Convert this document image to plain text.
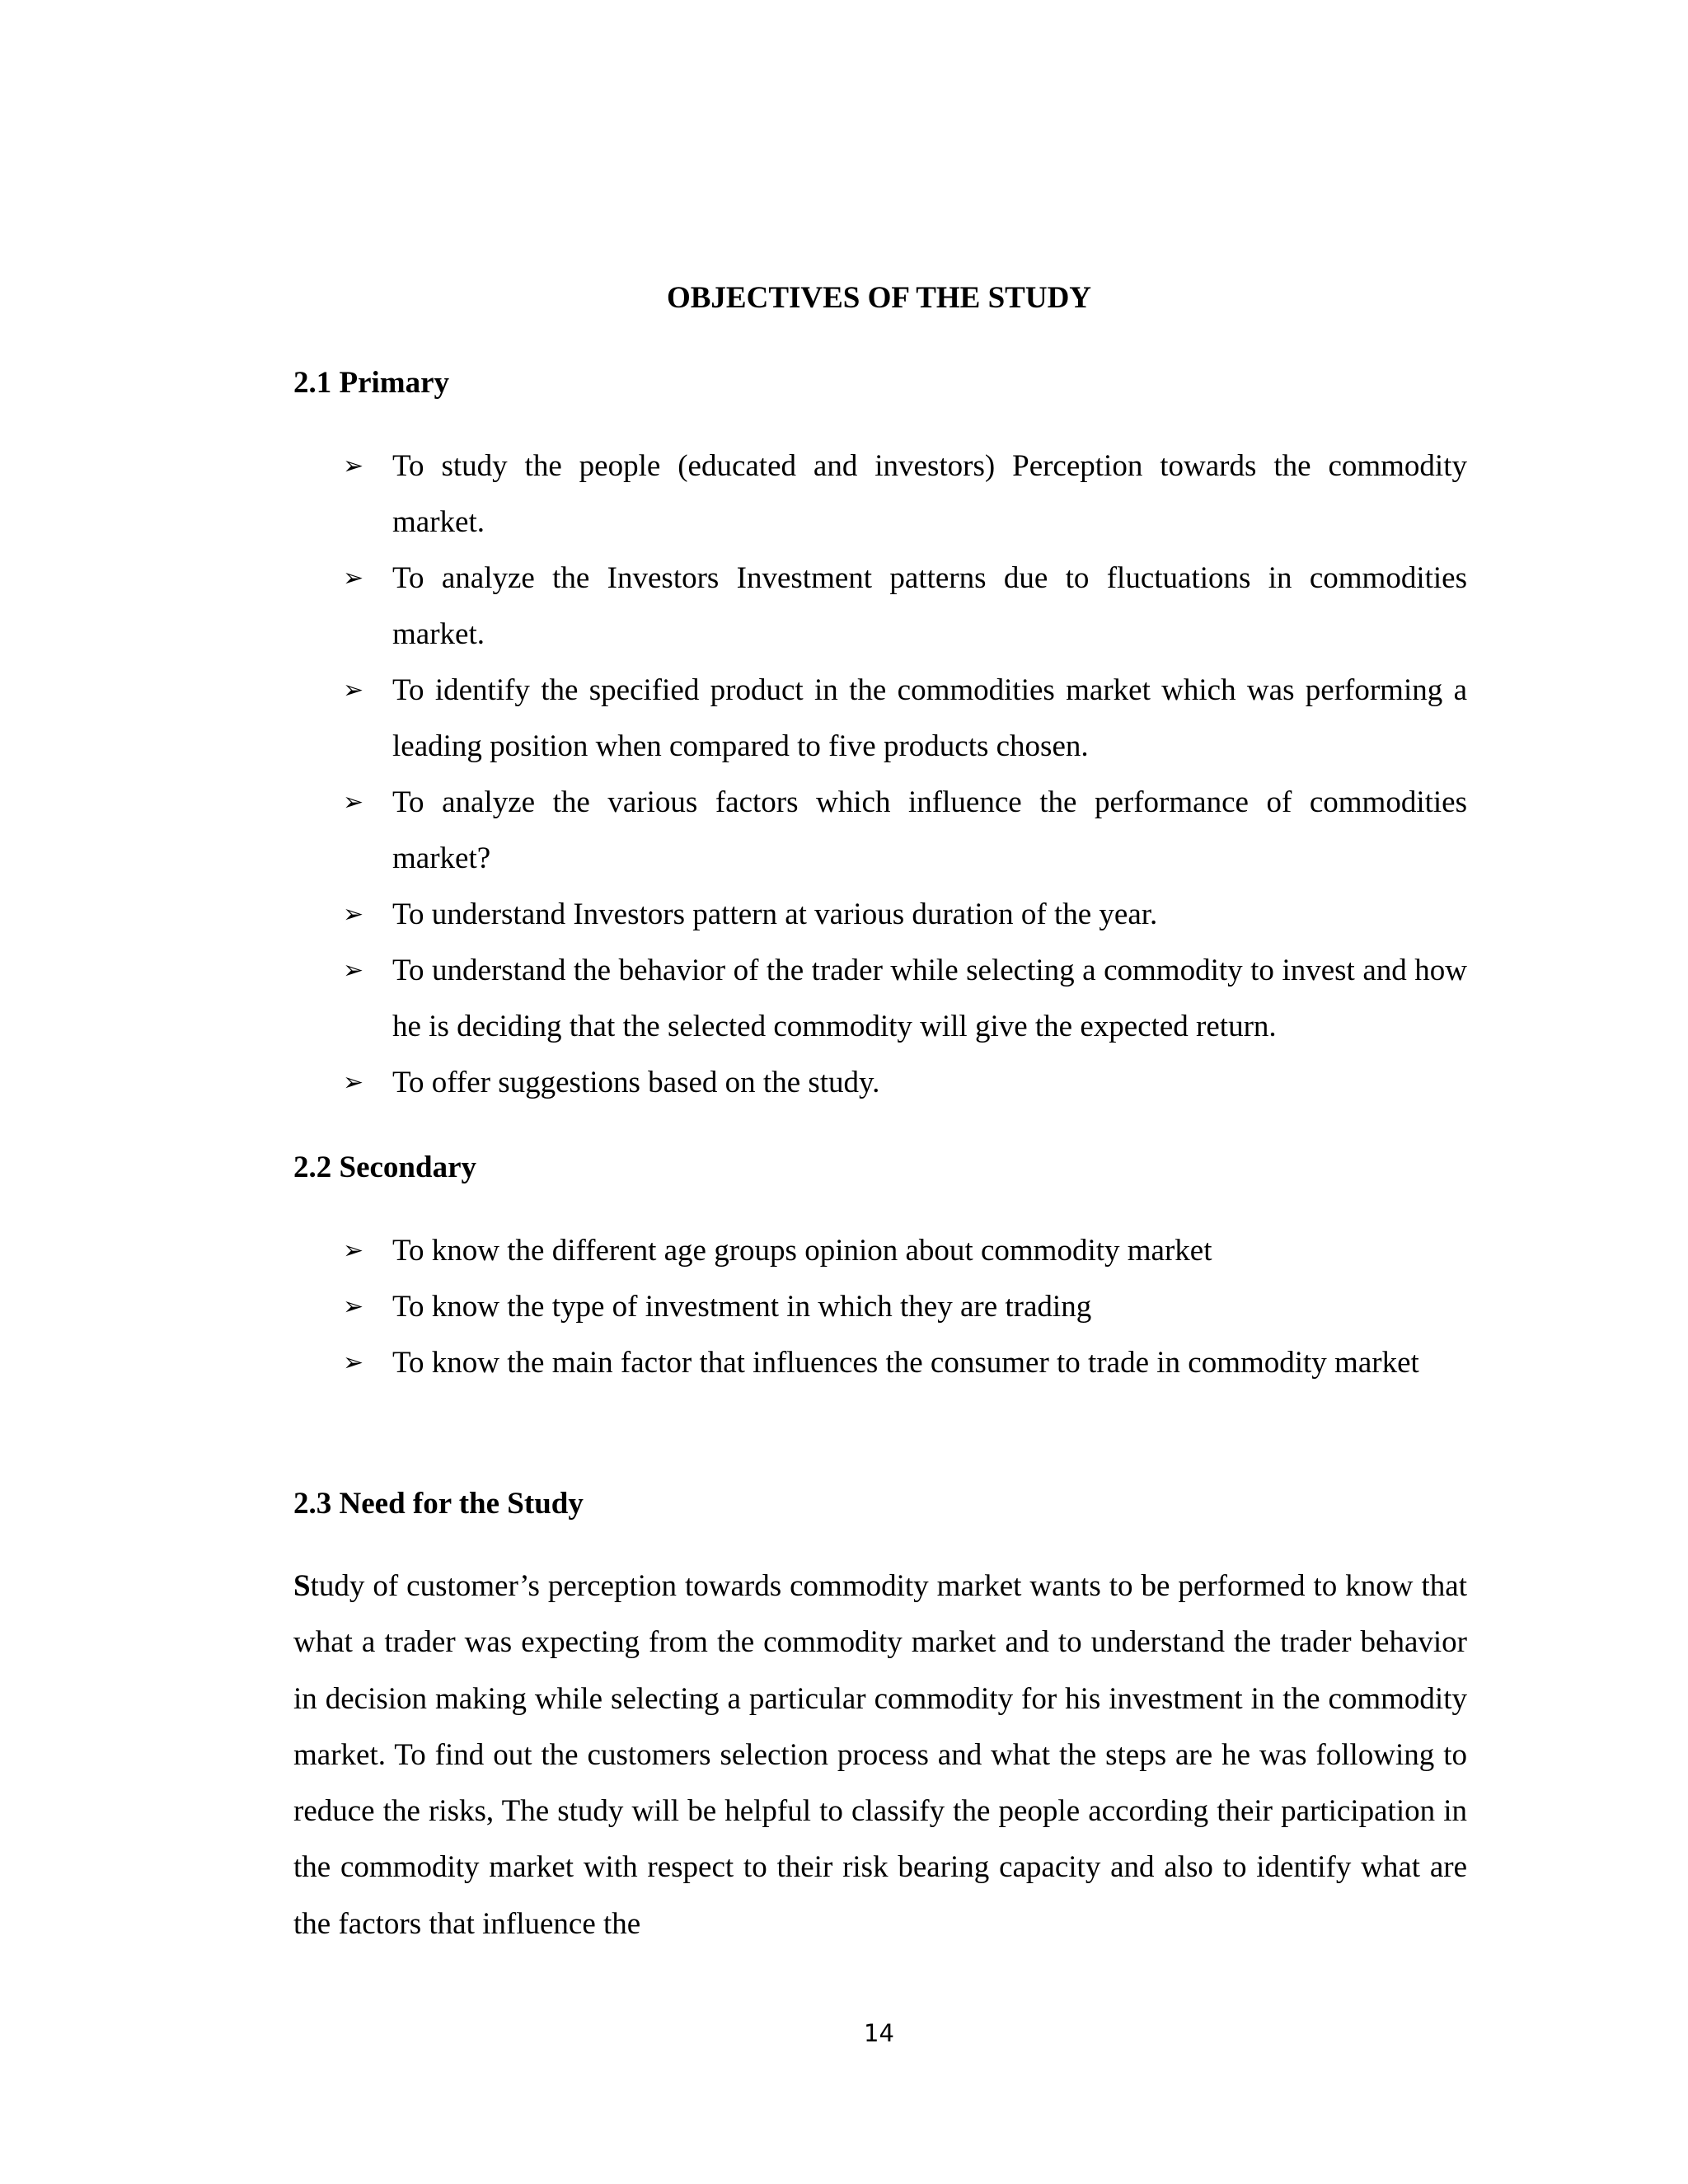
OBJECTIVES OF THE STUDY
2.1 Primary
➢ To study the people (educated and investors) Perception towards the commodity market.
➢ To analyze the Investors Investment patterns due to fluctuations in commodities market.
➢ To identify the specified product in the commodities market which was performing a leading position when compared to five products chosen.
➢ To analyze the various factors which influence the performance of commodities market?
➢ To understand Investors pattern at various duration of the year.
➢ To understand the behavior of the trader while selecting a commodity to invest and how he is deciding that the selected commodity will give the expected return.
➢ To offer suggestions based on the study.
2.2 Secondary
➢ To know the different age groups opinion about commodity market
➢ To know the type of investment in which they are trading
➢ To know the main factor that influences the consumer to trade in commodity market
2.3 Need for the Study

Study of customer’s perception towards commodity market wants to be performed to know that what a trader was expecting from the commodity market and to understand the trader behavior in decision making while selecting a particular commodity for his investment in the commodity market. To find out the customers selection process and what the steps are he was following to reduce the risks, The study will be helpful to classify the people according their participation in the commodity market with respect to their risk bearing capacity and also to identify what are the factors that influence the

14
